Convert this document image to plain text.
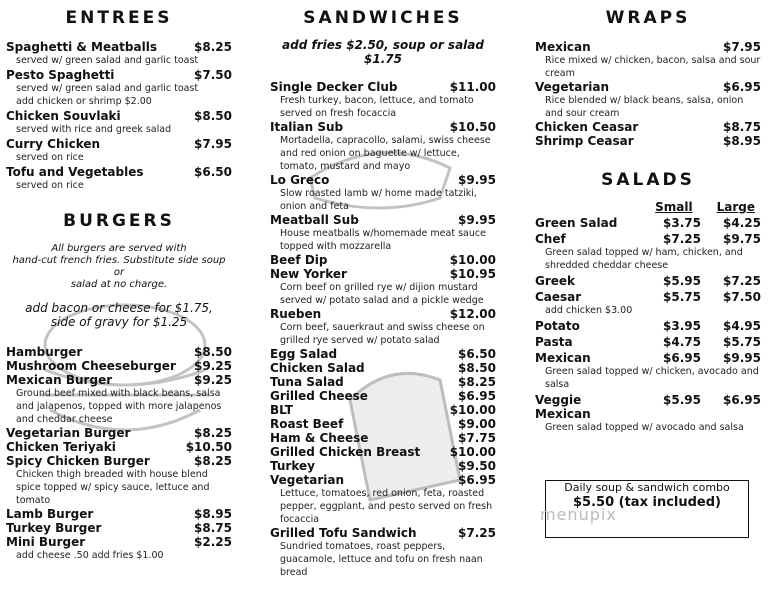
ENTREES
Spaghetti & Meatballs	$8.25
served w/ green salad and garlic toast
Pesto Spaghetti	$7.50
served w/ green salad and garlic toast
add chicken or shrimp $2.00
Chicken Souvlaki	$8.50
served with rice and greek salad
Curry Chicken	$7.95
served on rice
Tofu and Vegetables	$6.50
served on rice
BURGERS
All burgers are served with
hand-cut french fries. Substitute side soup or
salad at no charge.
add bacon or cheese for $1.75,
side of gravy for $1.25
Hamburger	$8.50
Mushroom Cheeseburger $9.25
Mexican Burger	$9.25
Ground beef mixed with black beans, salsa and jalapenos, topped with more jalapenos and cheddar cheese
Vegetarian Burger	$8.25
Chicken Teriyaki	$10.50
Spicy Chicken Burger	$8.25
Chicken thigh breaded with house blend spice topped w/ spicy sauce, lettuce and tomato
Lamb Burger	$8.95
Turkey Burger	$8.75
Mini Burger	$2.25
add cheese .50 add fries $1.00
SANDWICHES
add fries $2.50, soup or salad $1.75
Single Decker Club	$11.00
Fresh turkey, bacon, lettuce, and tomato served on fresh focaccia
Italian Sub	$10.50
Mortadella, capracollo, salami, swiss cheese and red onion on baguette w/ lettuce, tomato, mustard and mayo
Lo Greco	$9.95
Slow roasted lamb w/ home made tatziki, onion and feta
Meatball Sub	$9.95
House meatballs w/homemade meat sauce topped with mozzarella
Beef Dip	$10.00
New Yorker	$10.95
Corn beef on grilled rye w/ dijion mustard served w/ potato salad and a pickle wedge
Rueben	$12.00
Corn beef, sauerkraut and swiss cheese on grilled rye served w/ potato salad
Egg Salad	$6.50
Chicken Salad	$8.50
Tuna Salad	$8.25
Grilled Cheese	$6.95
BLT	$10.00
Roast Beef	$9.00
Ham & Cheese	$7.75
Grilled Chicken Breast $10.00
Turkey	$9.50
Vegetarian	$6.95
Lettuce, tomatoes, red onion, feta, roasted pepper, eggplant, and pesto served on fresh focaccia
Grilled Tofu Sandwich	$7.25
Sundried tomatoes, roast peppers, guacamole, lettuce and tofu on fresh naan bread
WRAPS
Mexican	$7.95
Rice mixed w/ chicken, bacon, salsa and sour cream
Vegetarian	$6.95
Rice blended w/ black beans, salsa, onion and sour cream
Chicken Ceasar	$8.75
Shrimp Ceasar	$8.95
SALADS
Small Large
Green Salad	$3.75	$4.25
Chef	$7.25	$9.75
Green salad topped w/ ham, chicken, and shredded cheddar cheese
Greek	$5.95	$7.25
Caesar	$5.75	$7.50
add chicken $3.00
Potato	$3.95	$4.95
Pasta	$4.75	$5.75
Mexican	$6.95	$9.95
Green salad topped w/ chicken, avocado and salsa
Veggie Mexican
$5.95	$6.95
Green salad topped w/ avocado and salsa
Daily soup & sandwich combo
$5.50 (tax included)
menupix
